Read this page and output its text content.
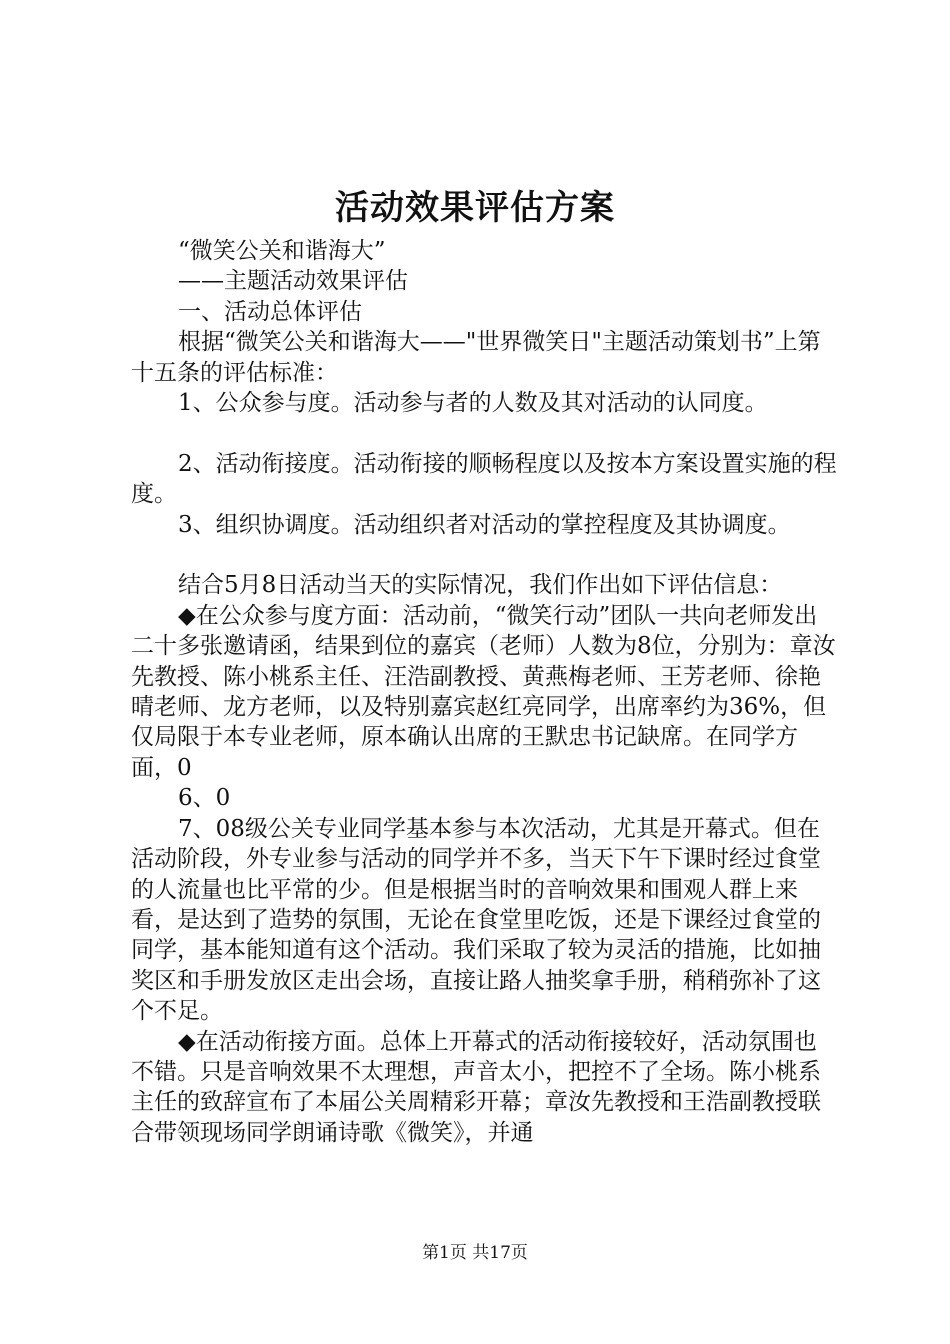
活动效果评估方案

“微笑公关和谐海大”

——主题活动效果评估

一、活动总体评估

根据“微笑公关和谐海大——"世界微笑日"主题活动策划书”上第十五条的评估标准：

1、公众参与度。活动参与者的人数及其对活动的认同度。

2、活动衔接度。活动衔接的顺畅程度以及按本方案设置实施的程度。

3、组织协调度。活动组织者对活动的掌控程度及其协调度。

结合5月8日活动当天的实际情况，我们作出如下评估信息：

◆在公众参与度方面：活动前，“微笑行动”团队一共向老师发出二十多张邀请函，结果到位的嘉宾（老师）人数为8位，分别为：章汝先教授、陈小桃系主任、汪浩副教授、黄燕梅老师、王芳老师、徐艳晴老师、龙方老师，以及特别嘉宾赵红亮同学，出席率约为36%，但仅局限于本专业老师，原本确认出席的王默忠书记缺席。在同学方面，0

6、0

7、08级公关专业同学基本参与本次活动，尤其是开幕式。但在活动阶段，外专业参与活动的同学并不多，当天下午下课时经过食堂的人流量也比平常的少。但是根据当时的音响效果和围观人群上来看，是达到了造势的氛围，无论在食堂里吃饭，还是下课经过食堂的同学，基本能知道有这个活动。我们采取了较为灵活的措施，比如抽奖区和手册发放区走出会场，直接让路人抽奖拿手册，稍稍弥补了这个不足。

◆在活动衔接方面。总体上开幕式的活动衔接较好，活动氛围也不错。只是音响效果不太理想，声音太小，把控不了全场。陈小桃系主任的致辞宣布了本届公关周精彩开幕；章汝先教授和王浩副教授联合带领现场同学朗诵诗歌《微笑》，并通

第1页 共17页
